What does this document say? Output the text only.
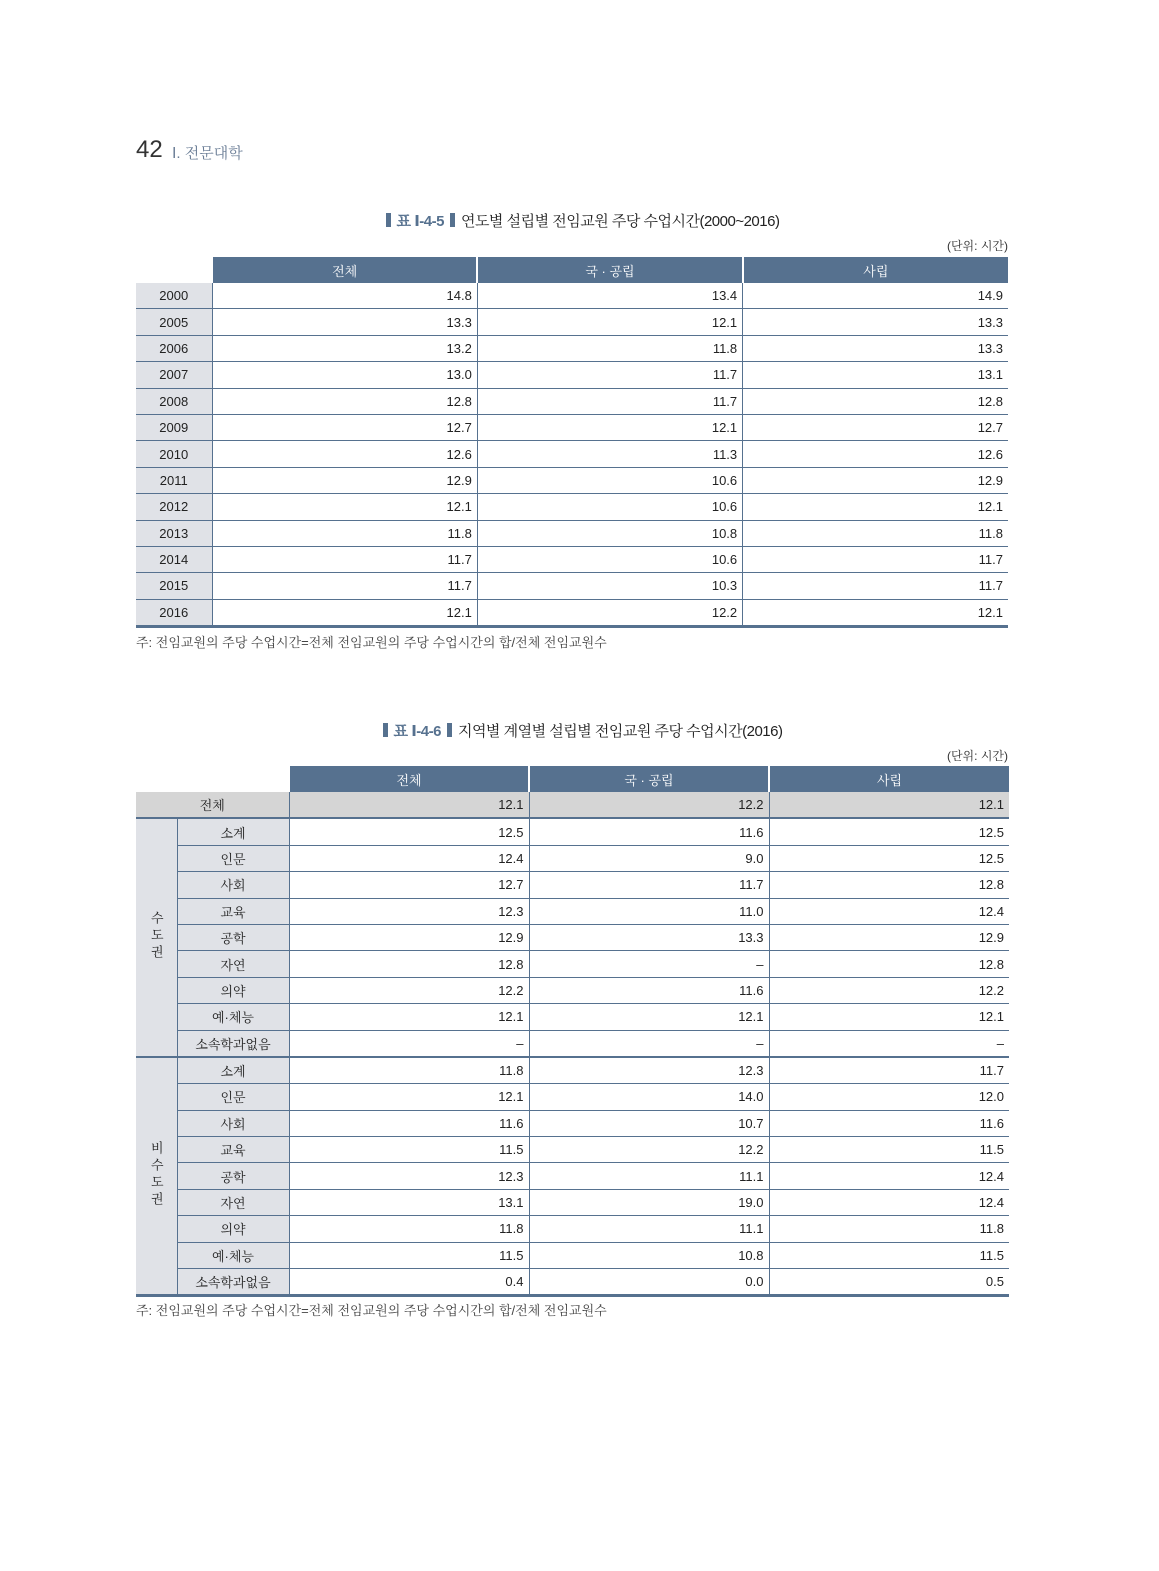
42 Ⅰ. 전문대학
표 Ⅰ-4-5 연도별 설립별 전임교원 주당 수업시간(2000~2016)
(단위: 시간)
	전체	국 · 공립	사립
2000	14.8	13.4	14.9
2005	13.3	12.1	13.3
2006	13.2	11.8	13.3
2007	13.0	11.7	13.1
2008	12.8	11.7	12.8
2009	12.7	12.1	12.7
2010	12.6	11.3	12.6
2011	12.9	10.6	12.9
2012	12.1	10.6	12.1
2013	11.8	10.8	11.8
2014	11.7	10.6	11.7
2015	11.7	10.3	11.7
2016	12.1	12.2	12.1
주: 전임교원의 주당 수업시간=전체 전임교원의 주당 수업시간의 합/전체 전임교원수
표 Ⅰ-4-6 지역별 계열별 설립별 전임교원 주당 수업시간(2016)
(단위: 시간)
		전체	국 · 공립	사립
전체		12.1	12.2	12.1
수도권	소계	12.5	11.6	12.5
	인문	12.4	9.0	12.5
	사회	12.7	11.7	12.8
	교육	12.3	11.0	12.4
	공학	12.9	13.3	12.9
	자연	12.8	–	12.8
	의약	12.2	11.6	12.2
	예·체능	12.1	12.1	12.1
	소속학과없음	–	–	–
비수도권	소계	11.8	12.3	11.7
	인문	12.1	14.0	12.0
	사회	11.6	10.7	11.6
	교육	11.5	12.2	11.5
	공학	12.3	11.1	12.4
	자연	13.1	19.0	12.4
	의약	11.8	11.1	11.8
	예·체능	11.5	10.8	11.5
	소속학과없음	0.4	0.0	0.5
주: 전임교원의 주당 수업시간=전체 전임교원의 주당 수업시간의 합/전체 전임교원수
